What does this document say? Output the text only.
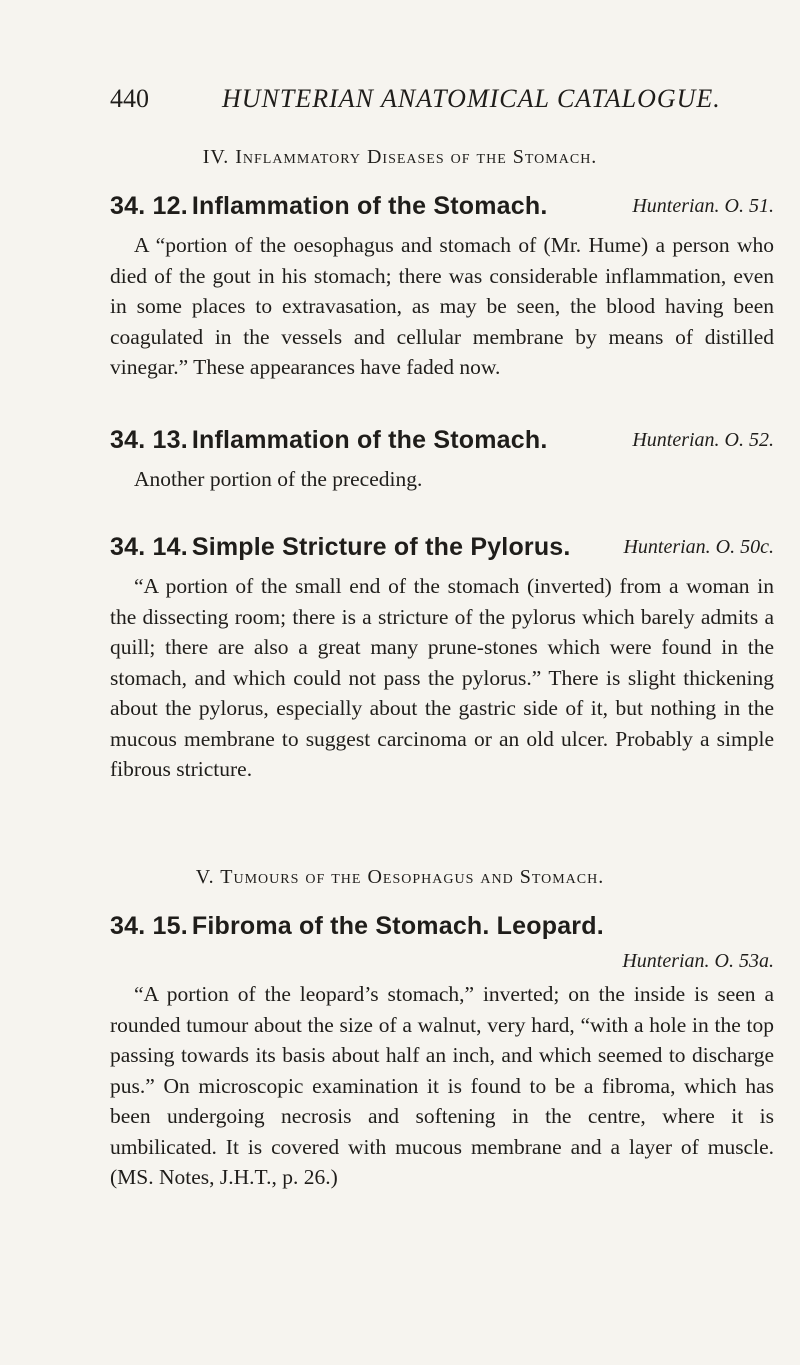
440	HUNTERIAN ANATOMICAL CATALOGUE.
IV. Inflammatory Diseases of the Stomach.
34. 12. Inflammation of the Stomach.	Hunterian. O. 51.

A “portion of the oesophagus and stomach of (Mr. Hume) a person who died of the gout in his stomach; there was considerable inflammation, even in some places to extravasation, as may be seen, the blood having been coagulated in the vessels and cellular membrane by means of distilled vinegar.” These appearances have faded now.

34. 13. Inflammation of the Stomach.	Hunterian. O. 52.

Another portion of the preceding.

34. 14. Simple Stricture of the Pylorus.	Hunterian. O. 50c.

“A portion of the small end of the stomach (inverted) from a woman in the dissecting room; there is a stricture of the pylorus which barely admits a quill; there are also a great many prune-stones which were found in the stomach, and which could not pass the pylorus.” There is slight thickening about the pylorus, especially about the gastric side of it, but nothing in the mucous membrane to suggest carcinoma or an old ulcer. Probably a simple fibrous stricture.

V. Tumours of the Oesophagus and Stomach.
34. 15. Fibroma of the Stomach. Leopard.
Hunterian. O. 53a.

“A portion of the leopard’s stomach,” inverted; on the inside is seen a rounded tumour about the size of a walnut, very hard, “with a hole in the top passing towards its basis about half an inch, and which seemed to discharge pus.” On microscopic examination it is found to be a fibroma, which has been undergoing necrosis and softening in the centre, where it is umbilicated. It is covered with mucous membrane and a layer of muscle. (MS. Notes, J.H.T., p. 26.)
